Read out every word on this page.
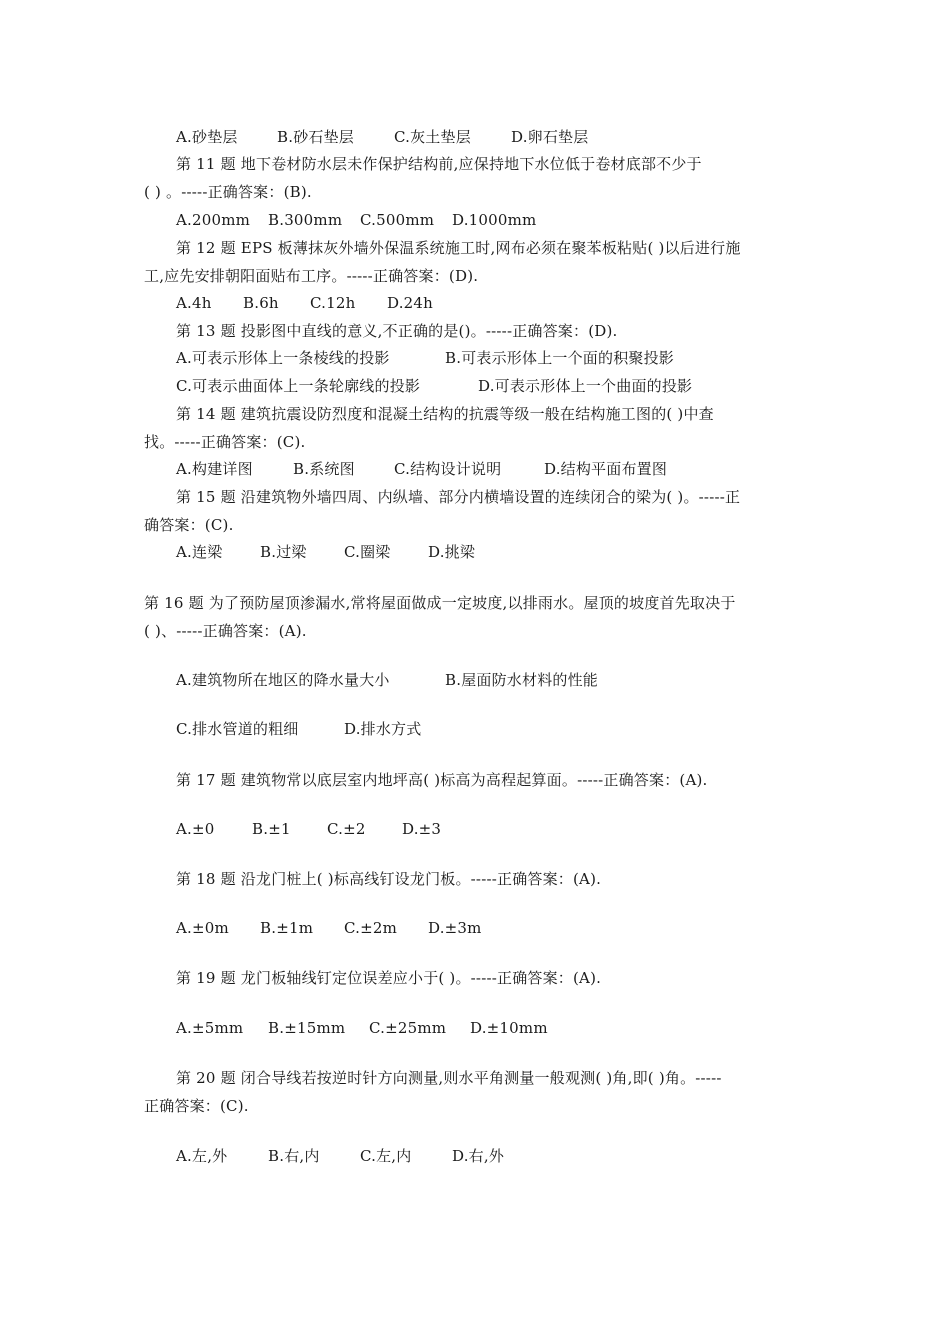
A.砂垫层	B.砂石垫层	C.灰土垫层	D.卵石垫层
第 11 题 地下卷材防水层未作保护结构前,应保持地下水位低于卷材底部不少于
( ) 。-----正确答案：(B).
A.200mm B.300mm C.500mm D.1000mm
第 12 题 EPS 板薄抹灰外墙外保温系统施工时,网布必须在聚苯板粘贴( )以后进行施
工,应先安排朝阳面贴布工序。-----正确答案：(D).
A.4h B.6h C.12h D.24h
第 13 题 投影图中直线的意义,不正确的是()。-----正确答案：(D).
A.可表示形体上一条棱线的投影	B.可表示形体上一个面的积聚投影
C.可表示曲面体上一条轮廓线的投影	D.可表示形体上一个曲面的投影
第 14 题 建筑抗震设防烈度和混凝土结构的抗震等级一般在结构施工图的( )中查
找。-----正确答案：(C).
A.构建详图	B.系统图	C.结构设计说明	D.结构平面布置图
第 15 题 沿建筑物外墙四周、内纵墙、部分内横墙设置的连续闭合的梁为( )。-----正
确答案：(C).
A.连梁	B.过梁 C.圈梁 D.挑梁
第 16 题 为了预防屋顶渗漏水,常将屋面做成一定坡度,以排雨水。屋顶的坡度首先取决于
( )、-----正确答案：(A).
A.建筑物所在地区的降水量大小	B.屋面防水材料的性能
C.排水管道的粗细	D.排水方式
第 17 题 建筑物常以底层室内地坪高( )标高为高程起算面。-----正确答案：(A).
A.±0 B.±1 C.±2 D.±3
第 18 题 沿龙门桩上( )标高线钉设龙门板。-----正确答案：(A).
A.±0m B.±1m C.±2m D.±3m
第 19 题 龙门板轴线钉定位误差应小于( )。-----正确答案：(A).
A.±5mm B.±15mm C.±25mm D.±10mm
第 20 题 闭合导线若按逆时针方向测量,则水平角测量一般观测( )角,即( )角。-----
正确答案：(C).
A.左,外	B.右,内	C.左,内	D.右,外
